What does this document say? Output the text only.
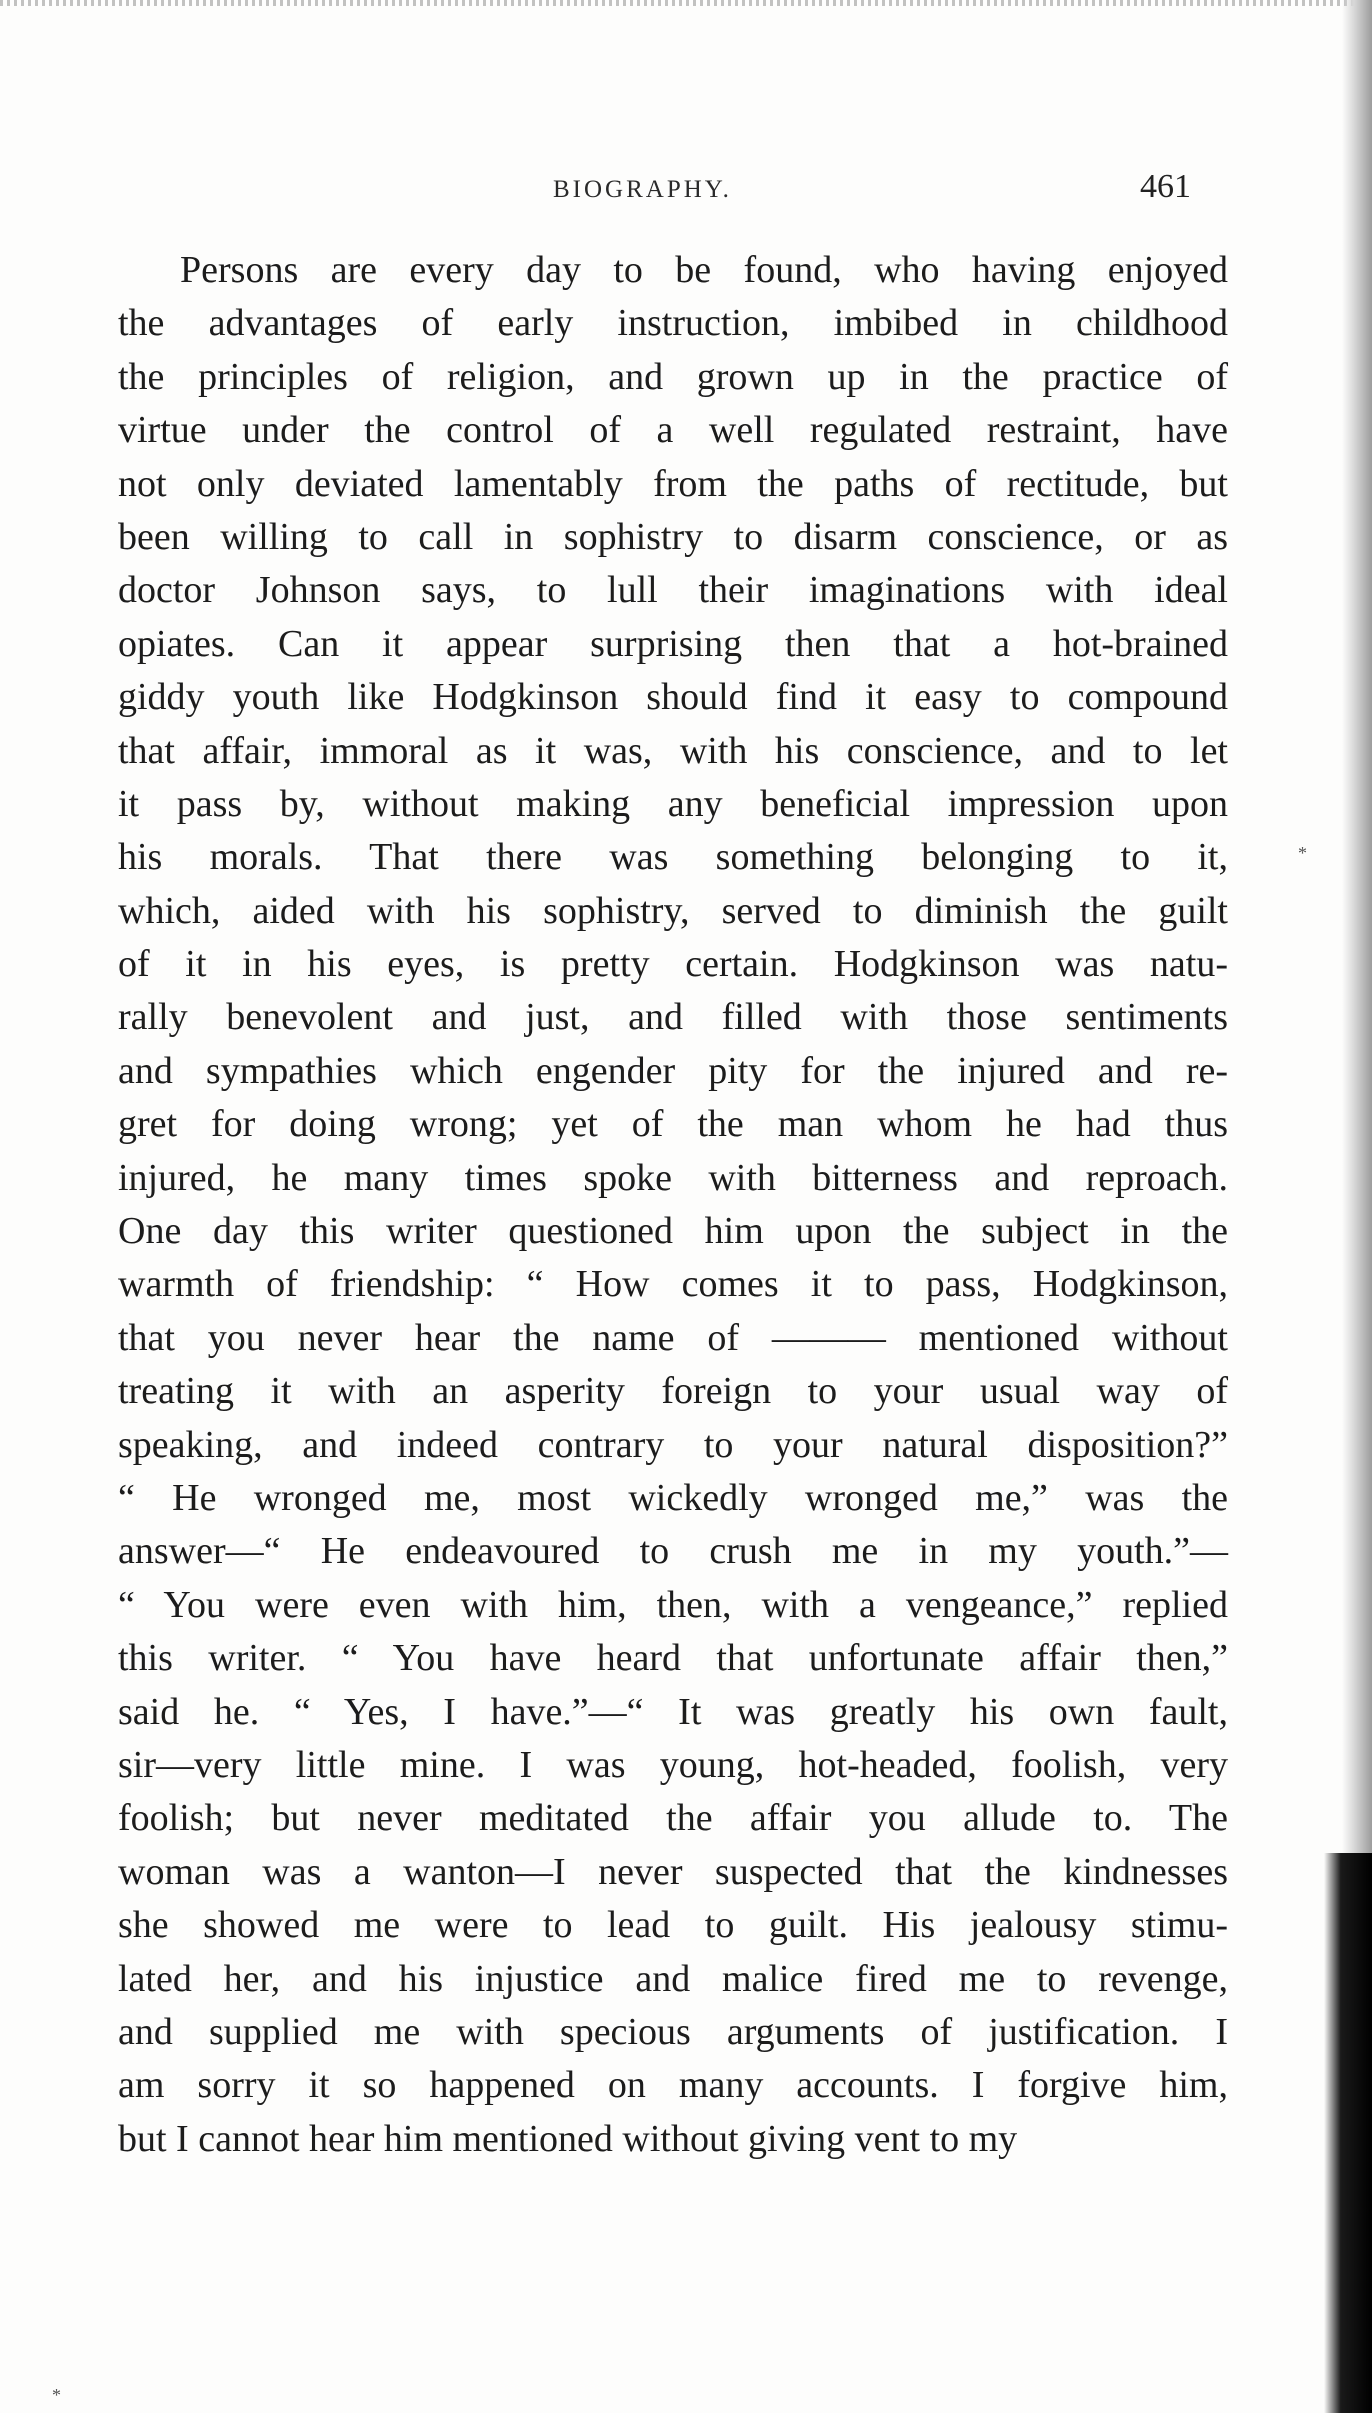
BIOGRAPHY.	461
Persons are every day to be found, who having enjoyed
the advantages of early instruction, imbibed in childhood
the principles of religion, and grown up in the practice of
virtue under the control of a well regulated restraint, have
not only deviated lamentably from the paths of rectitude, but
been willing to call in sophistry to disarm conscience, or as
doctor Johnson says, to lull their imaginations with ideal
opiates. Can it appear surprising then that a hot-brained
giddy youth like Hodgkinson should find it easy to compound
that affair, immoral as it was, with his conscience, and to let
it pass by, without making any beneficial impression upon
his morals. That there was something belonging to it,
which, aided with his sophistry, served to diminish the guilt
of it in his eyes, is pretty certain. Hodgkinson was natu-
rally benevolent and just, and filled with those sentiments
and sympathies which engender pity for the injured and re-
gret for doing wrong; yet of the man whom he had thus
injured, he many times spoke with bitterness and reproach.
One day this writer questioned him upon the subject in the
warmth of friendship: “ How comes it to pass, Hodgkinson,
that you never hear the name of ——— mentioned without
treating it with an asperity foreign to your usual way of
speaking, and indeed contrary to your natural disposition?”
“ He wronged me, most wickedly wronged me,” was the
answer—“ He endeavoured to crush me in my youth.”—
“ You were even with him, then, with a vengeance,” replied
this writer. “ You have heard that unfortunate affair then,”
said he. “ Yes, I have.”—“ It was greatly his own fault,
sir—very little mine. I was young, hot-headed, foolish, very
foolish; but never meditated the affair you allude to. The
woman was a wanton—I never suspected that the kindnesses
she showed me were to lead to guilt. His jealousy stimu-
lated her, and his injustice and malice fired me to revenge,
and supplied me with specious arguments of justification. I
am sorry it so happened on many accounts. I forgive him,
but I cannot hear him mentioned without giving vent to my
*
*
